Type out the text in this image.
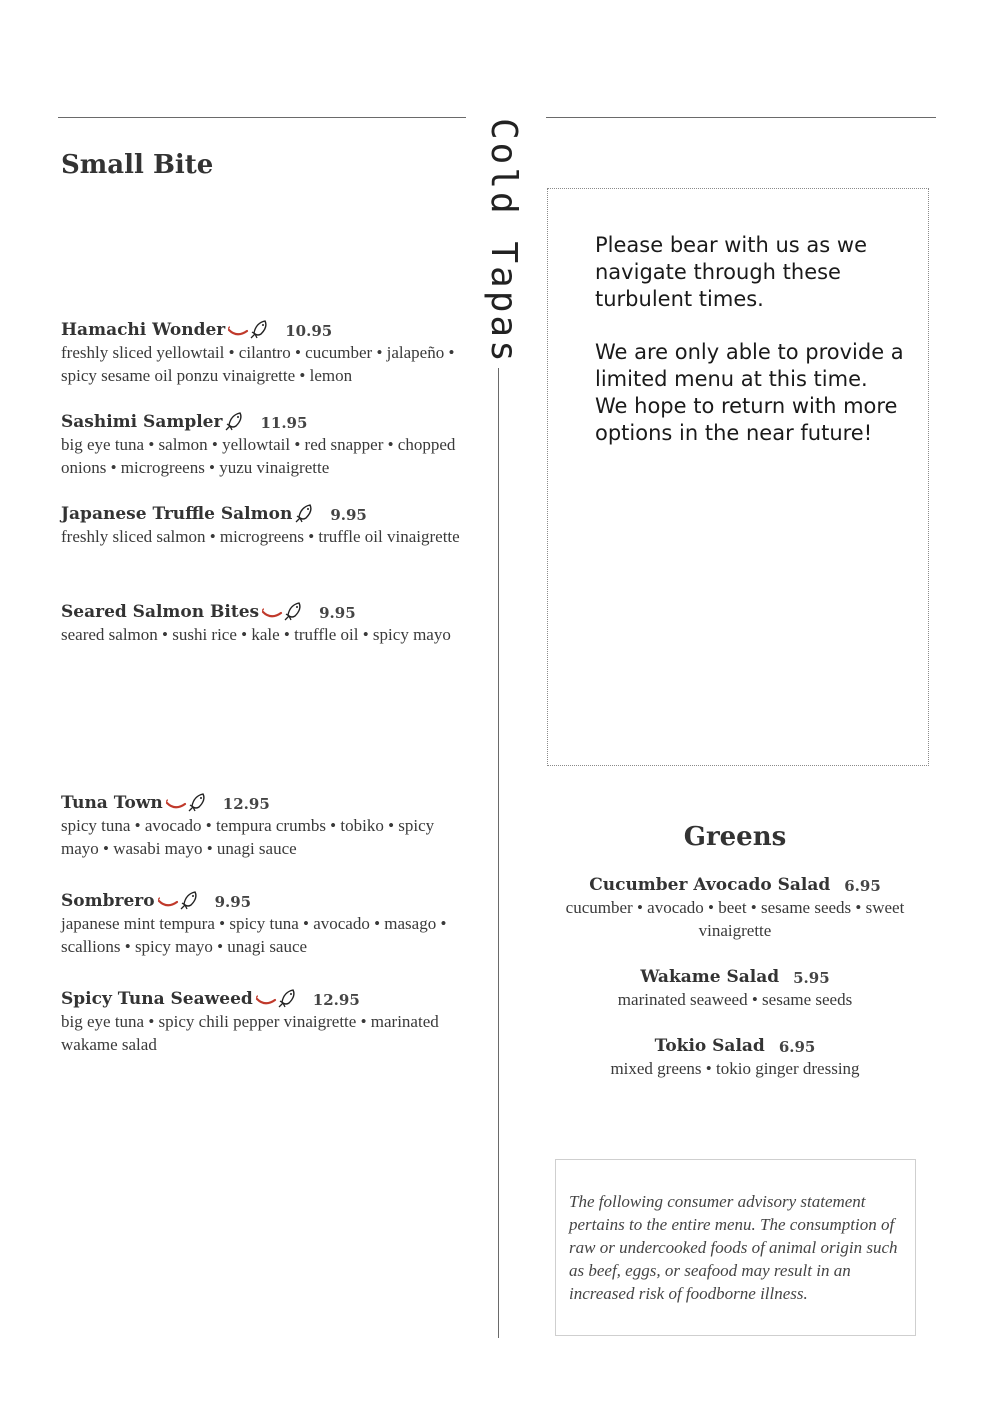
Cold Tapas
Small Bite
Hamachi Wonder	10.95
freshly sliced yellowtail • cilantro • cucumber • jalapeño • spicy sesame oil ponzu vinaigrette • lemon
Sashimi Sampler	11.95
big eye tuna • salmon • yellowtail • red snapper • chopped onions • microgreens • yuzu vinaigrette
Japanese Truffle Salmon	9.95
freshly sliced salmon • microgreens • truffle oil vinaigrette
Seared Salmon Bites	9.95
seared salmon • sushi rice • kale • truffle oil • spicy mayo
Tuna Town	12.95
spicy tuna • avocado • tempura crumbs • tobiko • spicy mayo • wasabi mayo • unagi sauce
Sombrero	9.95
japanese mint tempura • spicy tuna • avocado • masago • scallions • spicy mayo • unagi sauce
Spicy Tuna Seaweed	12.95
big eye tuna • spicy chili pepper vinaigrette • marinated wakame salad

Please bear with us as we navigate through these turbulent times.

We are only able to provide a limited menu at this time. We hope to return with more options in the near future!

Greens
Cucumber Avocado Salad 6.95
cucumber • avocado • beet • sesame seeds • sweet vinaigrette
Wakame Salad 5.95
marinated seaweed • sesame seeds
Tokio Salad 6.95
mixed greens • tokio ginger dressing

The following consumer advisory statement pertains to the entire menu. The consumption of raw or undercooked foods of animal origin such as beef, eggs, or seafood may result in an increased risk of foodborne illness.
